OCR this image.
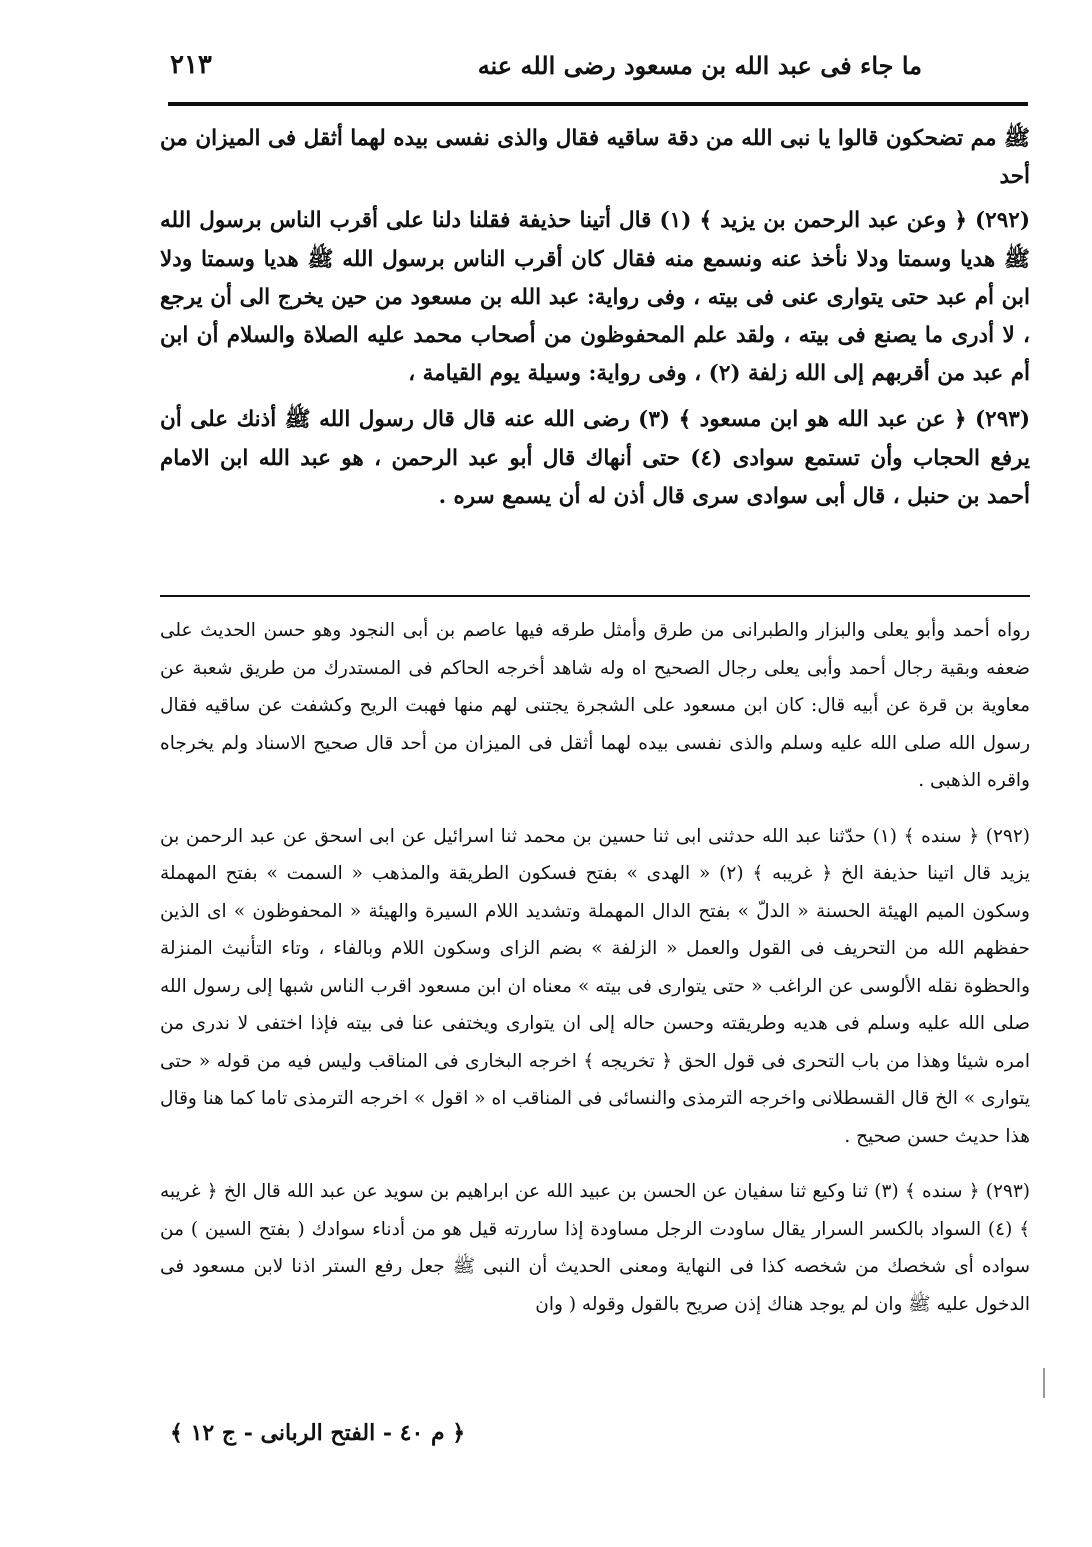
ما جاء فى عبد الله بن مسعود رضى الله عنه
٢١٣

ﷺ مم تضحكون قالوا يا نبى الله من دقة ساقيه فقال والذى نفسى بيده لهما أثقل فى الميزان من أحد

(٢٩٢) ﴿ وعن عبد الرحمن بن يزيد ﴾ (١) قال أتينا حذيفة فقلنا دلنا على أقرب الناس برسول الله ﷺ هديا وسمتا ودلا نأخذ عنه ونسمع منه فقال كان أقرب الناس برسول الله ﷺ هديا وسمتا ودلا ابن أم عبد حتى يتوارى عنى فى بيته ، وفى رواية: عبد الله بن مسعود من حين يخرج الى أن يرجع ، لا أدرى ما يصنع فى بيته ، ولقد علم المحفوظون من أصحاب محمد عليه الصلاة والسلام أن ابن أم عبد من أقربهم إلى الله زلفة (٢) ، وفى رواية: وسيلة يوم القيامة ،

(٢٩٣) ﴿ عن عبد الله هو ابن مسعود ﴾ (٣) رضى الله عنه قال قال رسول الله ﷺ أذنك على أن يرفع الحجاب وأن تستمع سوادى (٤) حتى أنهاك قال أبو عبد الرحمن ، هو عبد الله ابن الامام أحمد بن حنبل ، قال أبى سوادى سرى قال أذن له أن يسمع سره .

رواه أحمد وأبو يعلى والبزار والطبرانى من طرق وأمثل طرقه فيها عاصم بن أبى النجود وهو حسن الحديث على ضعفه وبقية رجال أحمد وأبى يعلى رجال الصحيح اه وله شاهد أخرجه الحاكم فى المستدرك من طريق شعبة عن معاوية بن قرة عن أبيه قال: كان ابن مسعود على الشجرة يجتنى لهم منها فهبت الريح وكشفت عن ساقيه فقال رسول الله صلى الله عليه وسلم والذى نفسى بيده لهما أثقل فى الميزان من أحد قال صحيح الاسناد ولم يخرجاه واقره الذهبى .

(٢٩٢) ﴿ سنده ﴾ (١) حدّثنا عبد الله حدثنى ابى ثنا حسين بن محمد ثنا اسرائيل عن ابى اسحق عن عبد الرحمن بن يزيد قال اتينا حذيفة الخ ﴿ غريبه ﴾ (٢) « الهدى » بفتح فسكون الطريقة والمذهب « السمت » بفتح المهملة وسكون الميم الهيئة الحسنة « الدلّ » بفتح الدال المهملة وتشديد اللام السيرة والهيئة « المحفوظون » اى الذين حفظهم الله من التحريف فى القول والعمل « الزلفة » بضم الزاى وسكون اللام وبالفاء ، وتاء التأنيث المنزلة والحظوة نقله الألوسى عن الراغب « حتى يتوارى فى بيته » معناه ان ابن مسعود اقرب الناس شبها إلى رسول الله صلى الله عليه وسلم فى هديه وطريقته وحسن حاله إلى ان يتوارى ويختفى عنا فى بيته فإذا اختفى لا ندرى من امره شيئا وهذا من باب التحرى فى قول الحق ﴿ تخريجه ﴾ اخرجه البخارى فى المناقب وليس فيه من قوله « حتى يتوارى » الخ قال القسطلانى واخرجه الترمذى والنسائى فى المناقب اه « اقول » اخرجه الترمذى تاما كما هنا وقال هذا حديث حسن صحيح .

(٢٩٣) ﴿ سنده ﴾ (٣) ثنا وكيع ثنا سفيان عن الحسن بن عبيد الله عن ابراهيم بن سويد عن عبد الله قال الخ ﴿ غريبه ﴾ (٤) السواد بالكسر السرار يقال ساودت الرجل مساودة إذا ساررته قيل هو من أدناء سوادك ( بفتح السين ) من سواده أى شخصك من شخصه كذا فى النهاية ومعنى الحديث أن النبى ﷺ جعل رفع الستر اذنا لابن مسعود فى الدخول عليه ﷺ وان لم يوجد هناك إذن صريح بالقول وقوله ( وان

﴿ م ٤٠ - الفتح الربانى - ج ١٢ ﴾
